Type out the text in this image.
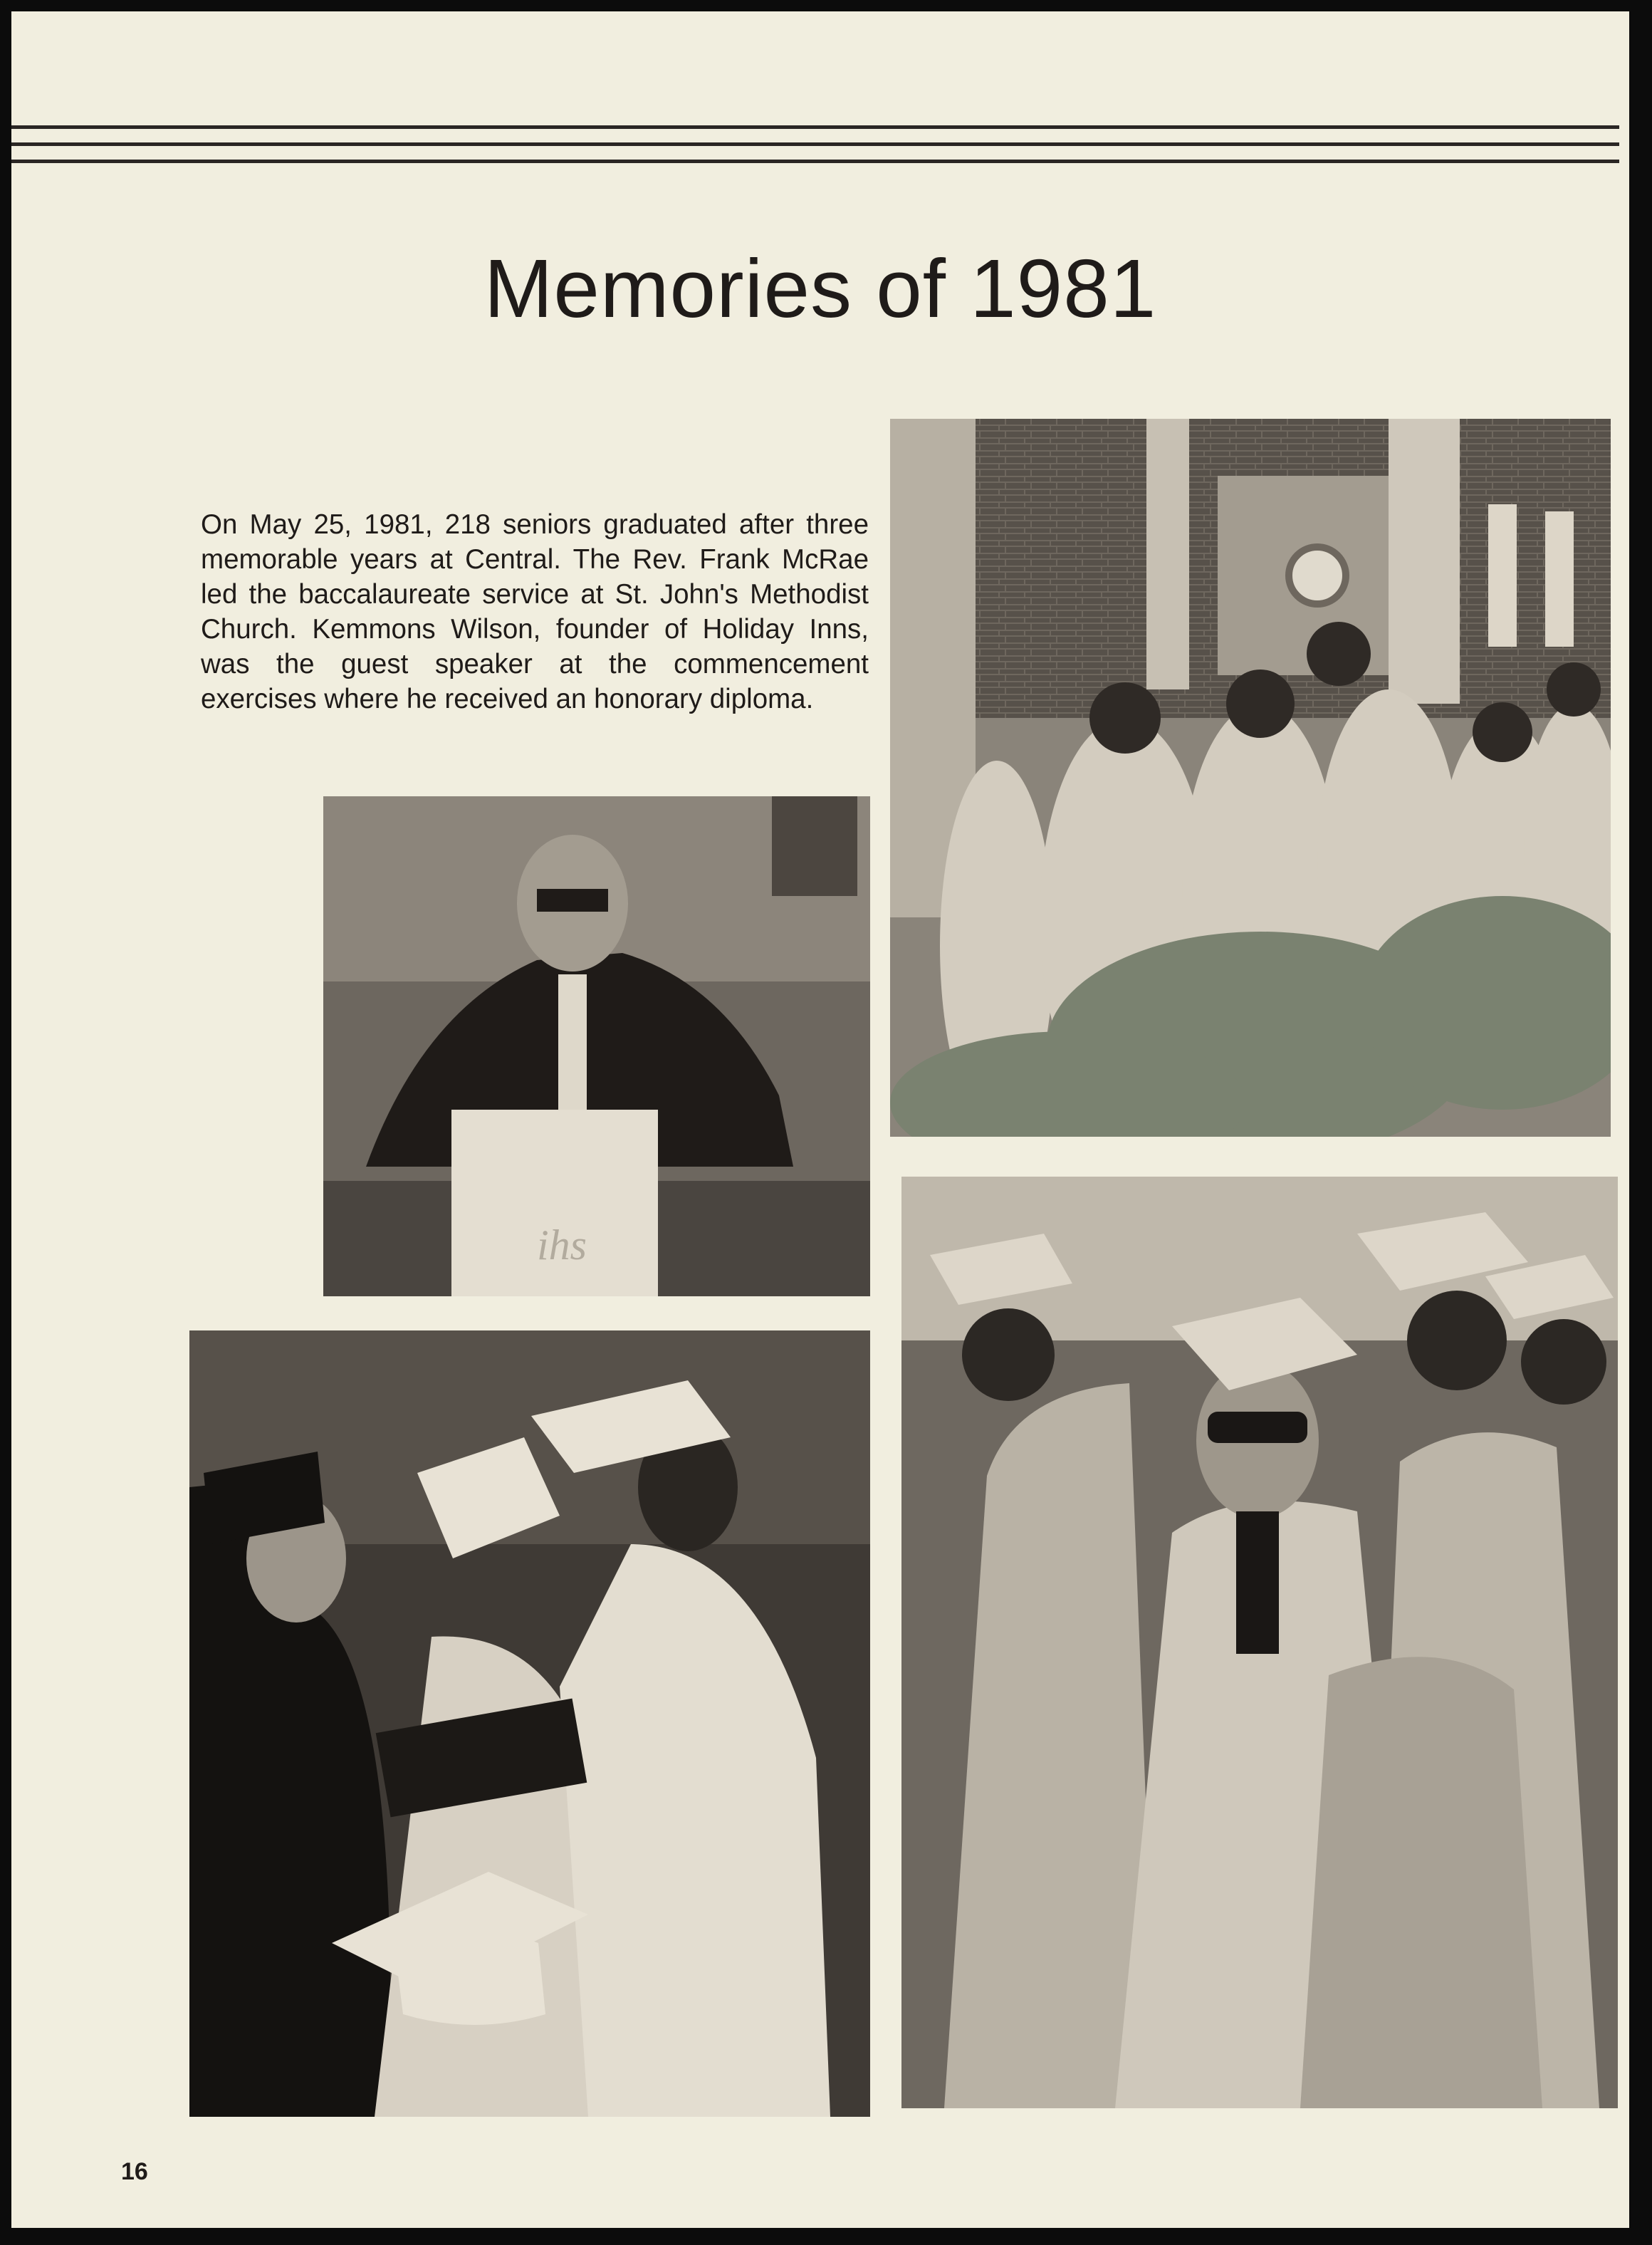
Memories of 1981
On May 25, 1981, 218 seniors graduated after three memorable years at Central. The Rev. Frank McRae led the baccalaureate service at St. John's Methodist Church. Kemmons Wilson, founder of Holiday Inns, was the guest speaker at the commencement exercises where he received an honorary diploma.
ihs
16
